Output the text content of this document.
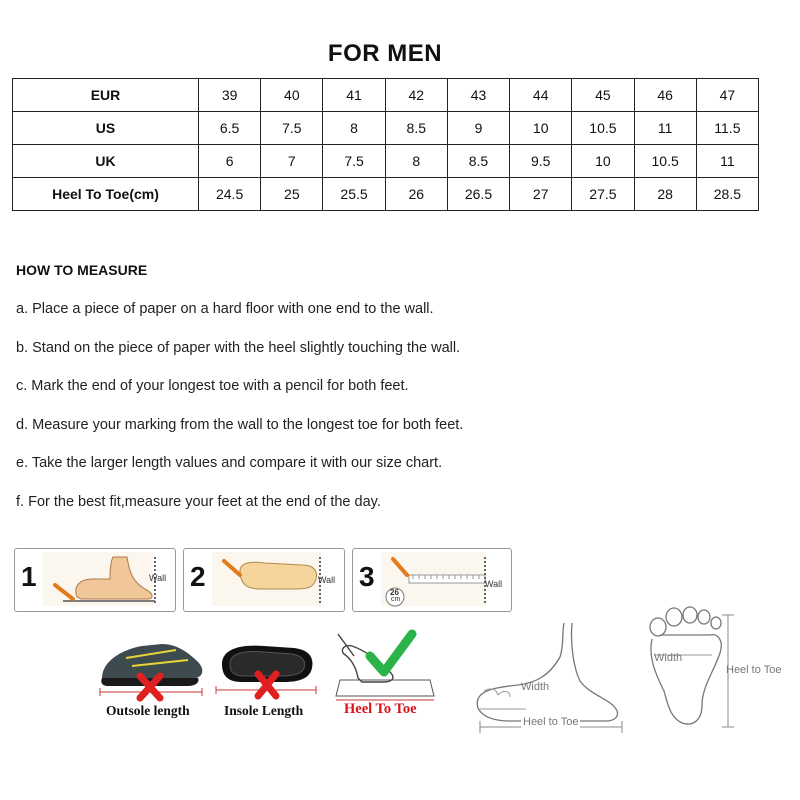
FOR MEN
EUR	39	40	41	42	43	44	45	46	47
US	6.5	7.5	8	8.5	9	10	10.5	11	11.5
UK	6	7	7.5	8	8.5	9.5	10	10.5	11
Heel To Toe(cm)	24.5	25	25.5	26	26.5	27	27.5	28	28.5
HOW TO MEASURE
a. Place a piece of paper on a hard floor with one end to the wall.
b. Stand on the piece of paper with the heel slightly touching the wall.
c. Mark the end of your longest toe with a pencil for both feet.
d. Measure your marking from the wall to the longest toe for both feet.
e. Take the larger length values and compare it with our size chart.
f. For the best fit,measure your feet at the end of the day.
1	Wall 2	Wall 3	Wall
26
cm
Outsole length	Insole Length	Heel To Toe
Width
Heel to Toe
Width
Heel to Toe
